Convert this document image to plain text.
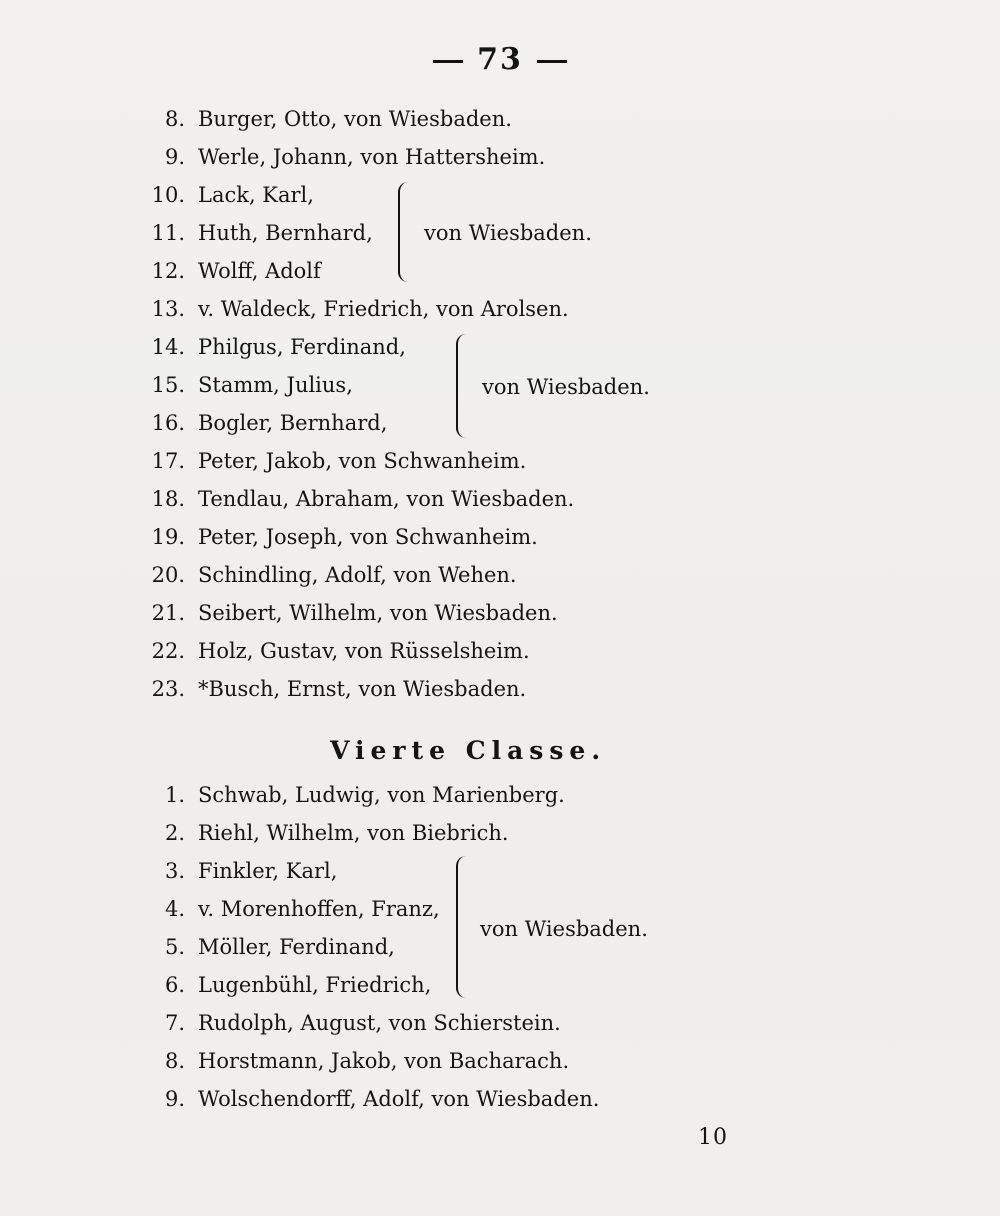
73
8. Burger, Otto, von Wiesbaden.
9. Werle, Johann, von Hattersheim.
10. Lack, Karl,
11. Huth, Bernhard,
12. Wolff, Adolf
von Wiesbaden.
13. v. Waldeck, Friedrich, von Arolsen.
14. Philgus, Ferdinand,
15. Stamm, Julius,
16. Bogler, Bernhard,
von Wiesbaden.
17. Peter, Jakob, von Schwanheim.
18. Tendlau, Abraham, von Wiesbaden.
19. Peter, Joseph, von Schwanheim.
20. Schindling, Adolf, von Wehen.
21. Seibert, Wilhelm, von Wiesbaden.
22. Holz, Gustav, von Rüsselsheim.
23. *Busch, Ernst, von Wiesbaden.
Vierte Classe.
1. Schwab, Ludwig, von Marienberg.
2. Riehl, Wilhelm, von Biebrich.
3. Finkler, Karl,
4. v. Morenhoffen, Franz,
5. Möller, Ferdinand,
6. Lugenbühl, Friedrich,
von Wiesbaden.
7. Rudolph, August, von Schierstein.
8. Horstmann, Jakob, von Bacharach.
9. Wolschendorff, Adolf, von Wiesbaden.
10
